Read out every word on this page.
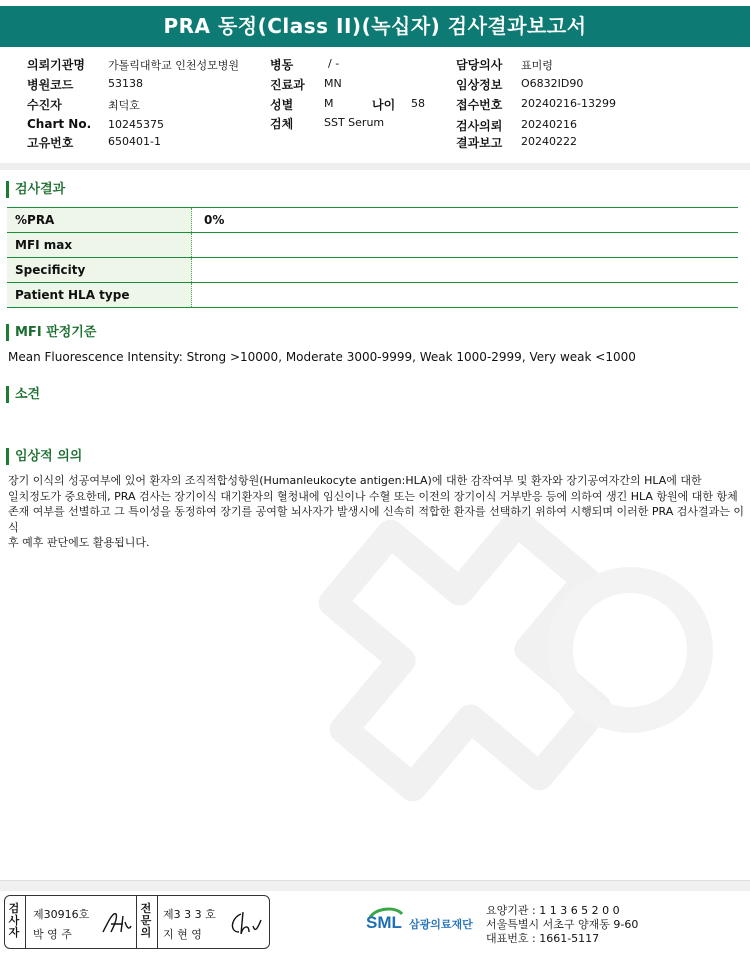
PRA 동정(Class II)(녹십자) 검사결과보고서
의뢰기관명 가톨릭대학교 인천성모병원
병원코드	53138
수진자	최덕호
Chart No. 10245375
고유번호	650401-1
병동	/ -
진료과 MN
성별	M	나이 58
검체	SST Serum
담당의사 표미령
임상정보 O6832ID90
접수번호 20240216-13299
검사의뢰 20240216
결과보고 20240222
검사결과
%PRA	0%
MFI max
Specificity
Patient HLA type
MFI 판정기준
Mean Fluorescence Intensity: Strong >10000, Moderate 3000-9999, Weak 1000-2999, Very weak <1000
소견
임상적 의의
장기 이식의 성공여부에 있어 환자의 조직적합성항원(Humanleukocyte antigen:HLA)에 대한 감작여부 및 환자와 장기공여자간의 HLA에 대한
일치정도가 중요한데, PRA 검사는 장기이식 대기환자의 혈청내에 임신이나 수혈 또는 이전의 장기이식 거부반응 등에 의하여 생긴 HLA 항원에 대한 항체
존재 여부를 선별하고 그 특이성을 동정하여 장기를 공여할 뇌사자가 발생시에 신속히 적합한 환자를 선택하기 위하여 시행되며 이러한 PRA 검사결과는 이식
후 예후 판단에도 활용됩니다.
검
사
자
제30916호
박 영 주
전
문
의
제3 3 3 호
지 현 영
SML 삼광의료재단
요양기관 : 1 1 3 6 5 2 0 0
서울특별시 서초구 양재동 9-60
대표번호 : 1661-5117
